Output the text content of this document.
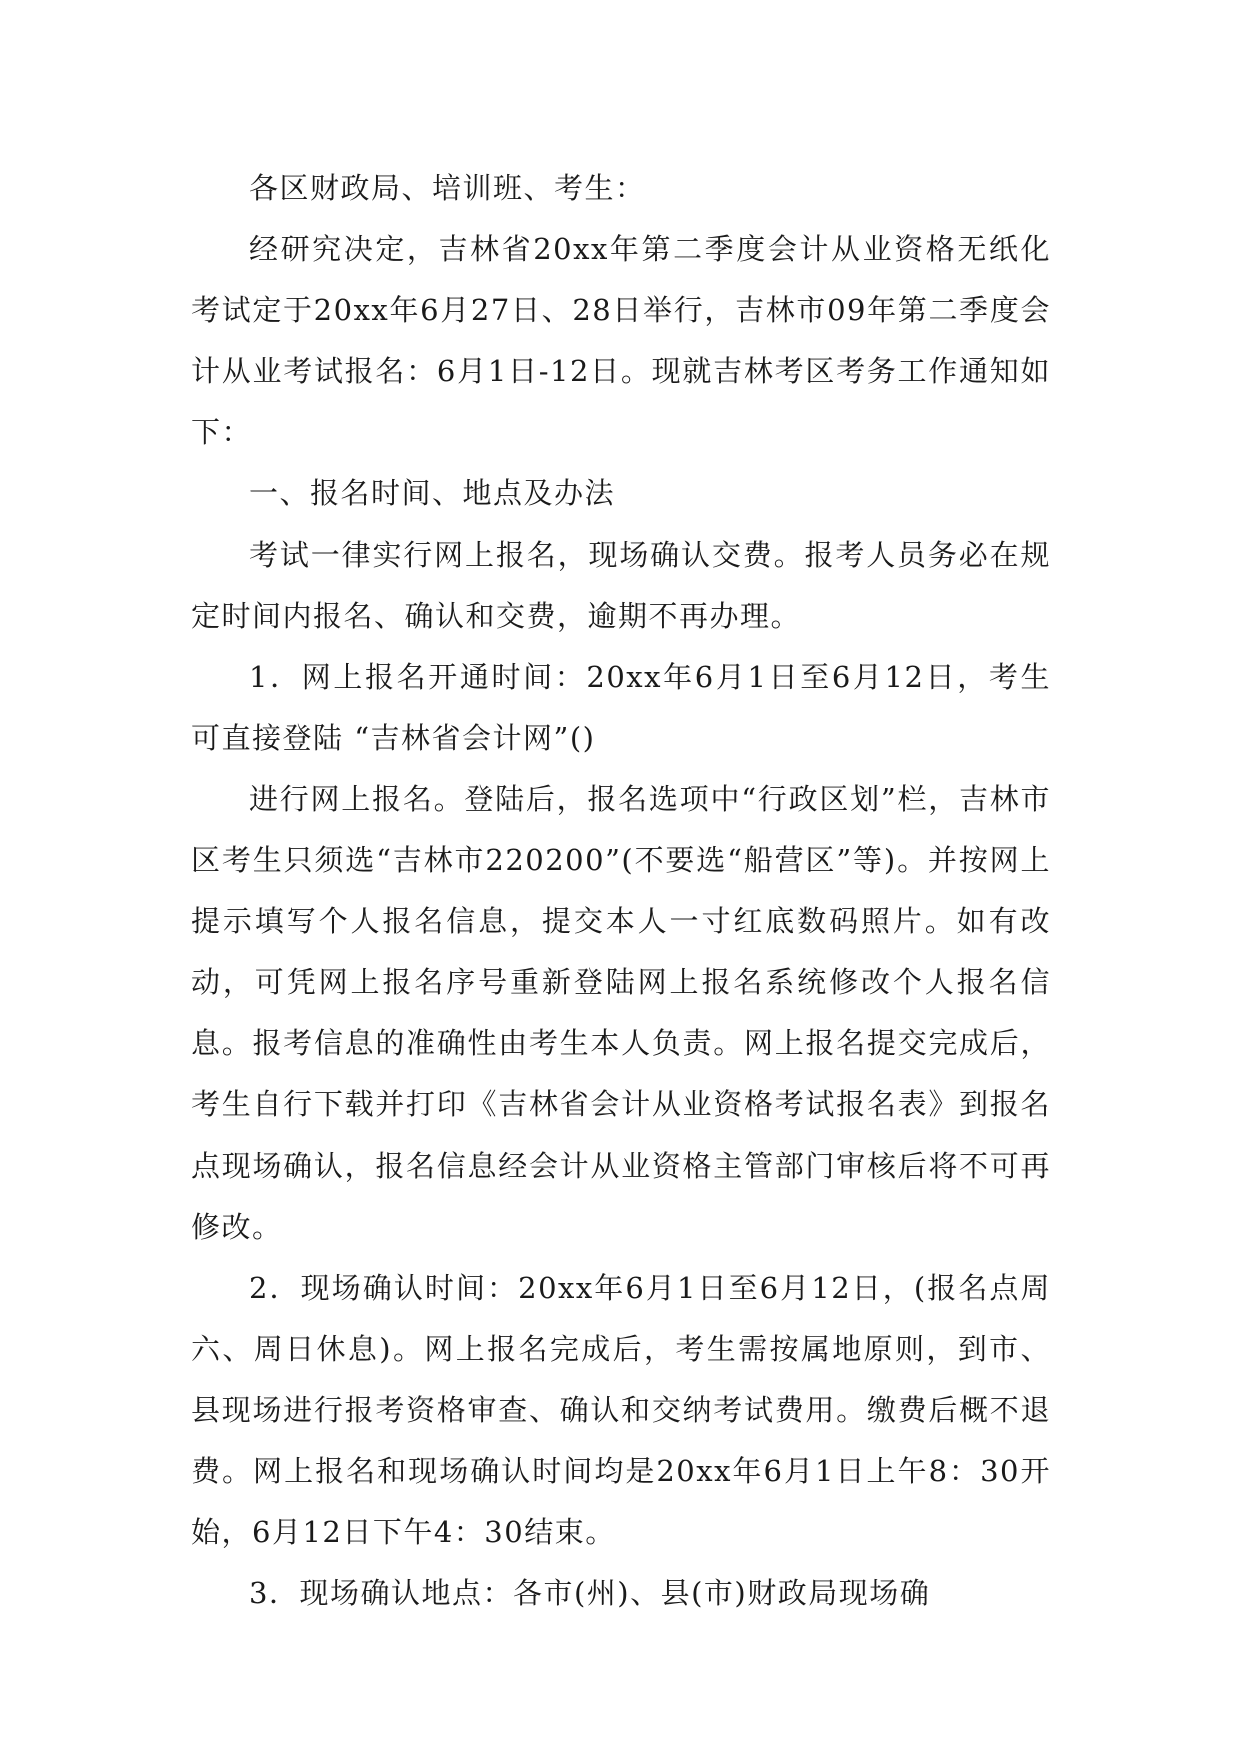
各区财政局、培训班、考生：

经研究决定，吉林省20xx年第二季度会计从业资格无纸化考试定于20xx年6月27日、28日举行，吉林市09年第二季度会计从业考试报名：6月1日-12日。现就吉林考区考务工作通知如下：

一、报名时间、地点及办法

考试一律实行网上报名，现场确认交费。报考人员务必在规定时间内报名、确认和交费，逾期不再办理。

1．网上报名开通时间：20xx年6月1日至6月12日，考生可直接登陆 “吉林省会计网”()

进行网上报名。登陆后，报名选项中“行政区划”栏，吉林市区考生只须选“吉林市220200”(不要选“船营区”等)。并按网上提示填写个人报名信息，提交本人一寸红底数码照片。如有改动，可凭网上报名序号重新登陆网上报名系统修改个人报名信息。报考信息的准确性由考生本人负责。网上报名提交完成后，考生自行下载并打印《吉林省会计从业资格考试报名表》到报名点现场确认，报名信息经会计从业资格主管部门审核后将不可再修改。

2．现场确认时间：20xx年6月1日至6月12日，(报名点周六、周日休息)。网上报名完成后，考生需按属地原则，到市、县现场进行报考资格审查、确认和交纳考试费用。缴费后概不退费。网上报名和现场确认时间均是20xx年6月1日上午8：30开始，6月12日下午4：30结束。

3．现场确认地点：各市(州)、县(市)财政局现场确
